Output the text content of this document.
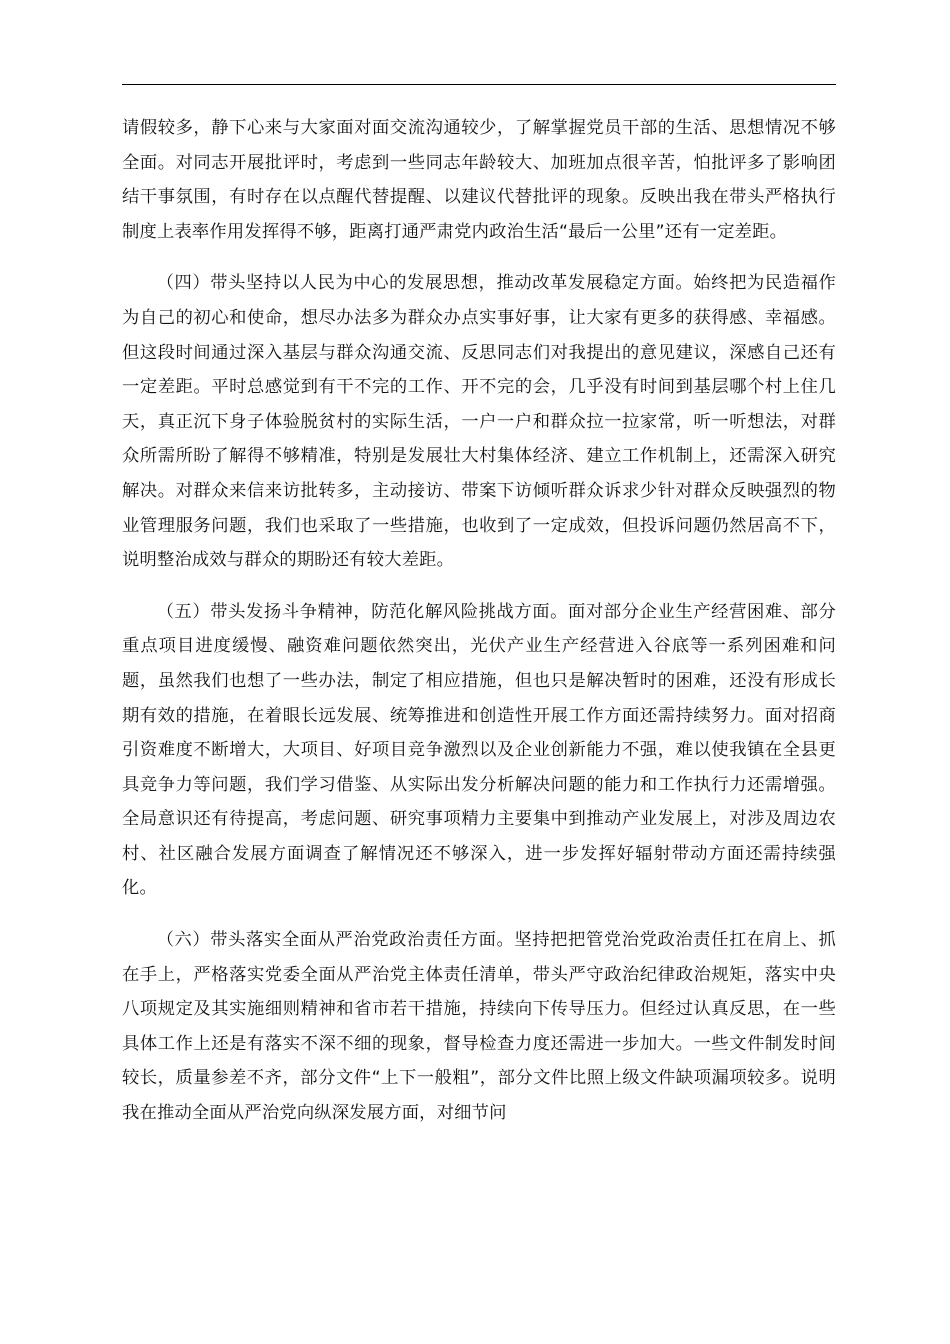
请假较多，静下心来与大家面对面交流沟通较少，了解掌握党员干部的生活、思想情况不够全面。对同志开展批评时，考虑到一些同志年龄较大、加班加点很辛苦，怕批评多了影响团结干事氛围，有时存在以点醒代替提醒、以建议代替批评的现象。反映出我在带头严格执行制度上表率作用发挥得不够，距离打通严肃党内政治生活“最后一公里”还有一定差距。

（四）带头坚持以人民为中心的发展思想，推动改革发展稳定方面。始终把为民造福作为自己的初心和使命，想尽办法多为群众办点实事好事，让大家有更多的获得感、幸福感。但这段时间通过深入基层与群众沟通交流、反思同志们对我提出的意见建议，深感自己还有一定差距。平时总感觉到有干不完的工作、开不完的会，几乎没有时间到基层哪个村上住几天，真正沉下身子体验脱贫村的实际生活，一户一户和群众拉一拉家常，听一听想法，对群众所需所盼了解得不够精准，特别是发展壮大村集体经济、建立工作机制上，还需深入研究解决。对群众来信来访批转多，主动接访、带案下访倾听群众诉求少针对群众反映强烈的物业管理服务问题，我们也采取了一些措施，也收到了一定成效，但投诉问题仍然居高不下，说明整治成效与群众的期盼还有较大差距。

（五）带头发扬斗争精神，防范化解风险挑战方面。面对部分企业生产经营困难、部分重点项目进度缓慢、融资难问题依然突出，光伏产业生产经营进入谷底等一系列困难和问题，虽然我们也想了一些办法，制定了相应措施，但也只是解决暂时的困难，还没有形成长期有效的措施，在着眼长远发展、统筹推进和创造性开展工作方面还需持续努力。面对招商引资难度不断增大，大项目、好项目竞争激烈以及企业创新能力不强，难以使我镇在全县更具竞争力等问题，我们学习借鉴、从实际出发分析解决问题的能力和工作执行力还需增强。全局意识还有待提高，考虑问题、研究事项精力主要集中到推动产业发展上，对涉及周边农村、社区融合发展方面调查了解情况还不够深入，进一步发挥好辐射带动方面还需持续强化。

（六）带头落实全面从严治党政治责任方面。坚持把把管党治党政治责任扛在肩上、抓在手上，严格落实党委全面从严治党主体责任清单，带头严守政治纪律政治规矩，落实中央八项规定及其实施细则精神和省市若干措施，持续向下传导压力。但经过认真反思，在一些具体工作上还是有落实不深不细的现象，督导检查力度还需进一步加大。一些文件制发时间较长，质量参差不齐，部分文件“上下一般粗”，部分文件比照上级文件缺项漏项较多。说明我在推动全面从严治党向纵深发展方面，对细节问
